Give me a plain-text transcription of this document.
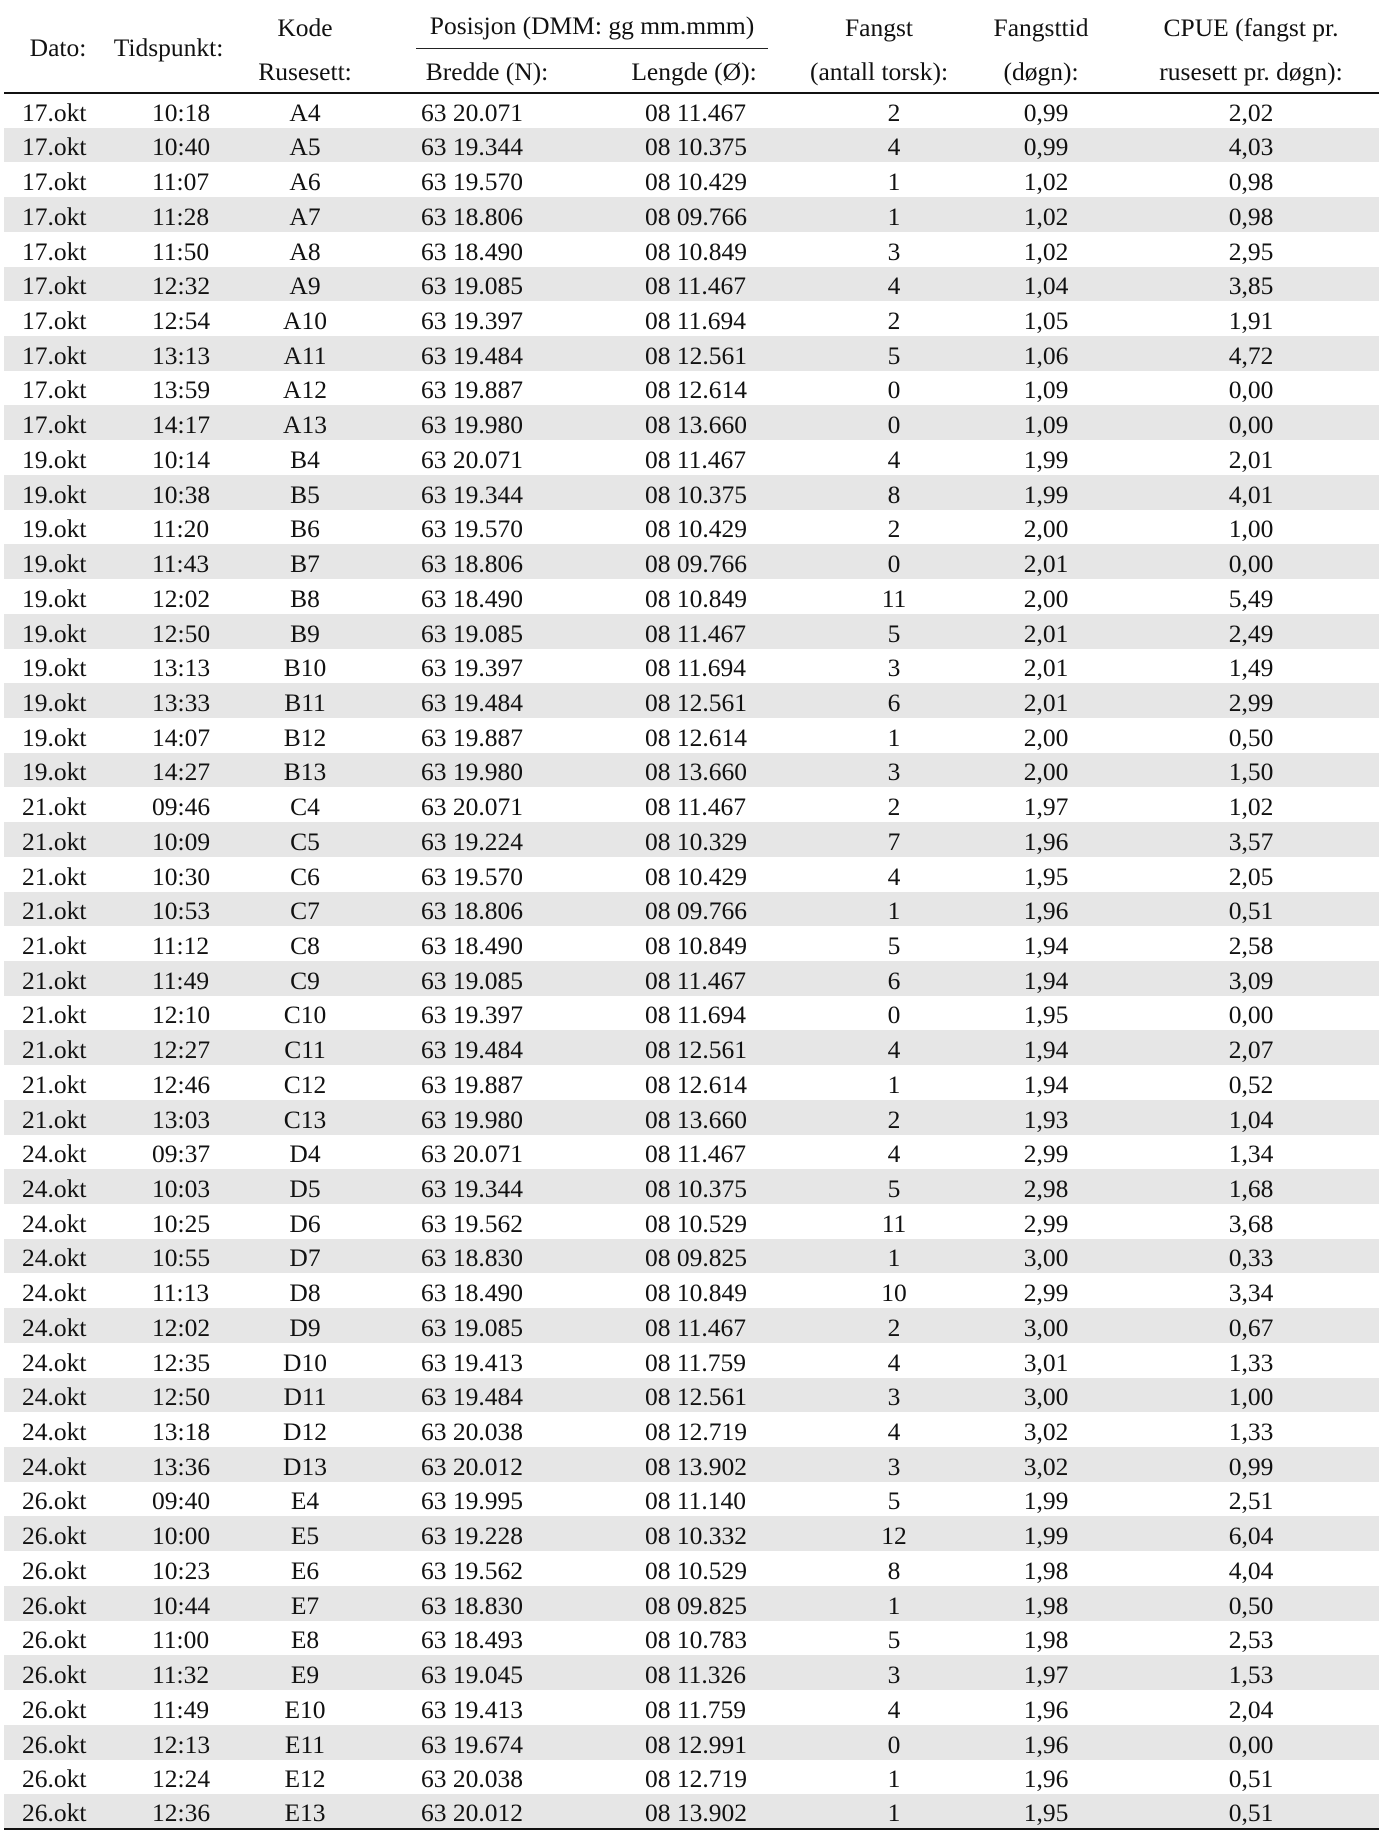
Dato:	Tidspunkt:	Kode	Posisjon (DMM: gg mm.mmm)		Fangst	Fangsttid	CPUE (fangst pr.
		Rusesett:	Bredde (N):	Lengde (Ø):	(antall torsk):	(døgn):	rusesett pr. døgn):
17.okt	10:18	A4	63 20.071	08 11.467	2	0,99	2,02
17.okt	10:40	A5	63 19.344	08 10.375	4	0,99	4,03
17.okt	11:07	A6	63 19.570	08 10.429	1	1,02	0,98
17.okt	11:28	A7	63 18.806	08 09.766	1	1,02	0,98
17.okt	11:50	A8	63 18.490	08 10.849	3	1,02	2,95
17.okt	12:32	A9	63 19.085	08 11.467	4	1,04	3,85
17.okt	12:54	A10	63 19.397	08 11.694	2	1,05	1,91
17.okt	13:13	A11	63 19.484	08 12.561	5	1,06	4,72
17.okt	13:59	A12	63 19.887	08 12.614	0	1,09	0,00
17.okt	14:17	A13	63 19.980	08 13.660	0	1,09	0,00
19.okt	10:14	B4	63 20.071	08 11.467	4	1,99	2,01
19.okt	10:38	B5	63 19.344	08 10.375	8	1,99	4,01
19.okt	11:20	B6	63 19.570	08 10.429	2	2,00	1,00
19.okt	11:43	B7	63 18.806	08 09.766	0	2,01	0,00
19.okt	12:02	B8	63 18.490	08 10.849	11	2,00	5,49
19.okt	12:50	B9	63 19.085	08 11.467	5	2,01	2,49
19.okt	13:13	B10	63 19.397	08 11.694	3	2,01	1,49
19.okt	13:33	B11	63 19.484	08 12.561	6	2,01	2,99
19.okt	14:07	B12	63 19.887	08 12.614	1	2,00	0,50
19.okt	14:27	B13	63 19.980	08 13.660	3	2,00	1,50
21.okt	09:46	C4	63 20.071	08 11.467	2	1,97	1,02
21.okt	10:09	C5	63 19.224	08 10.329	7	1,96	3,57
21.okt	10:30	C6	63 19.570	08 10.429	4	1,95	2,05
21.okt	10:53	C7	63 18.806	08 09.766	1	1,96	0,51
21.okt	11:12	C8	63 18.490	08 10.849	5	1,94	2,58
21.okt	11:49	C9	63 19.085	08 11.467	6	1,94	3,09
21.okt	12:10	C10	63 19.397	08 11.694	0	1,95	0,00
21.okt	12:27	C11	63 19.484	08 12.561	4	1,94	2,07
21.okt	12:46	C12	63 19.887	08 12.614	1	1,94	0,52
21.okt	13:03	C13	63 19.980	08 13.660	2	1,93	1,04
24.okt	09:37	D4	63 20.071	08 11.467	4	2,99	1,34
24.okt	10:03	D5	63 19.344	08 10.375	5	2,98	1,68
24.okt	10:25	D6	63 19.562	08 10.529	11	2,99	3,68
24.okt	10:55	D7	63 18.830	08 09.825	1	3,00	0,33
24.okt	11:13	D8	63 18.490	08 10.849	10	2,99	3,34
24.okt	12:02	D9	63 19.085	08 11.467	2	3,00	0,67
24.okt	12:35	D10	63 19.413	08 11.759	4	3,01	1,33
24.okt	12:50	D11	63 19.484	08 12.561	3	3,00	1,00
24.okt	13:18	D12	63 20.038	08 12.719	4	3,02	1,33
24.okt	13:36	D13	63 20.012	08 13.902	3	3,02	0,99
26.okt	09:40	E4	63 19.995	08 11.140	5	1,99	2,51
26.okt	10:00	E5	63 19.228	08 10.332	12	1,99	6,04
26.okt	10:23	E6	63 19.562	08 10.529	8	1,98	4,04
26.okt	10:44	E7	63 18.830	08 09.825	1	1,98	0,50
26.okt	11:00	E8	63 18.493	08 10.783	5	1,98	2,53
26.okt	11:32	E9	63 19.045	08 11.326	3	1,97	1,53
26.okt	11:49	E10	63 19.413	08 11.759	4	1,96	2,04
26.okt	12:13	E11	63 19.674	08 12.991	0	1,96	0,00
26.okt	12:24	E12	63 20.038	08 12.719	1	1,96	0,51
26.okt	12:36	E13	63 20.012	08 13.902	1	1,95	0,51
